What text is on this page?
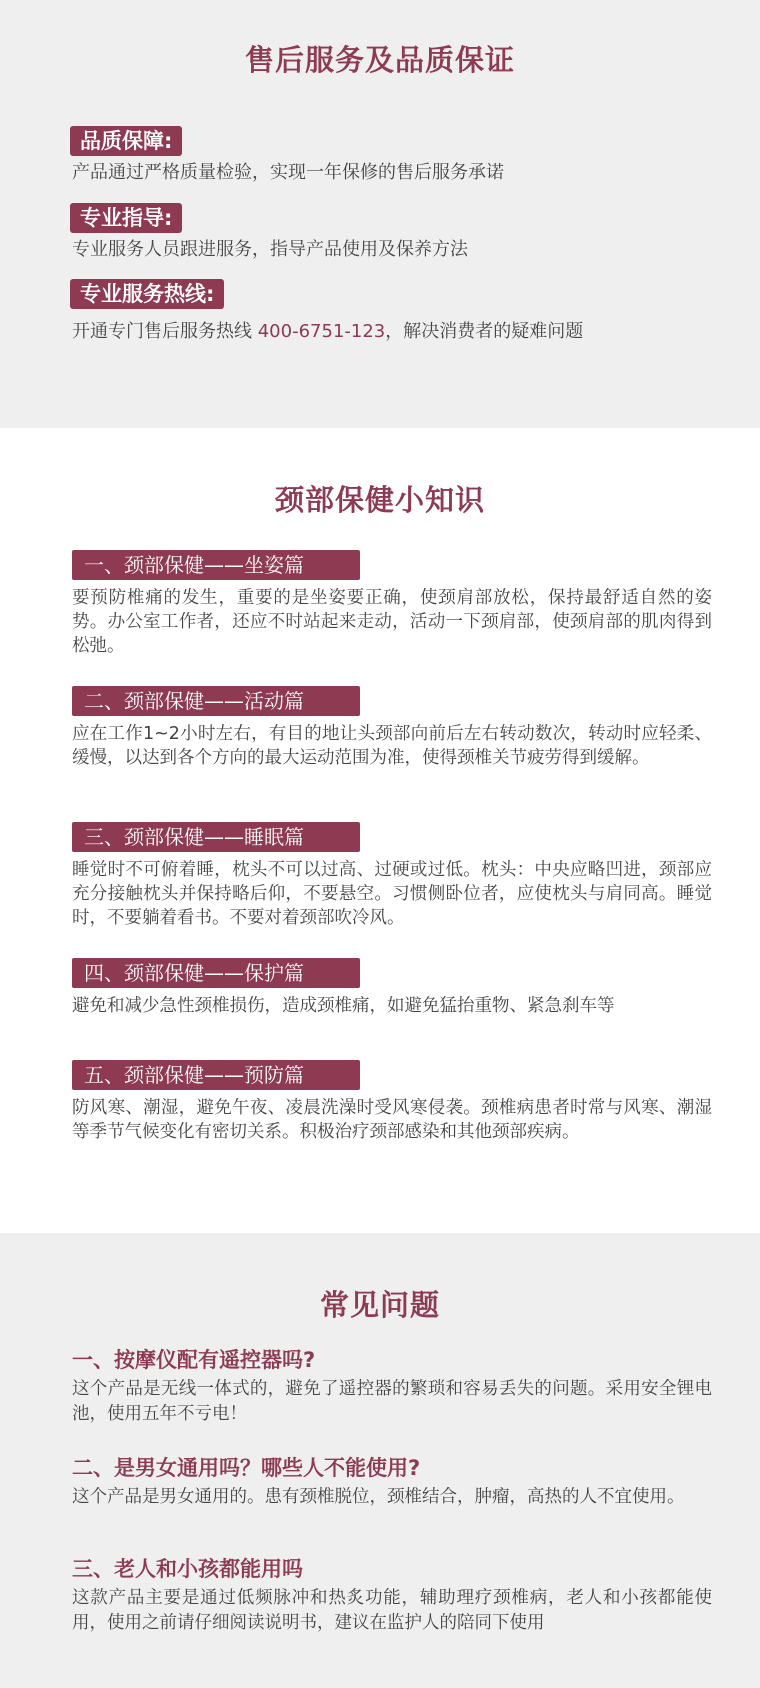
售后服务及品质保证
品质保障:
产品通过严格质量检验，实现一年保修的售后服务承诺
专业指导:
专业服务人员跟进服务，指导产品使用及保养方法
专业服务热线:
开通专门售后服务热线 400-6751-123，解决消费者的疑难问题
颈部保健小知识
一、颈部保健——坐姿篇
要预防椎痛的发生，重要的是坐姿要正确，使颈肩部放松，保持最舒适自然的姿势。办公室工作者，还应不时站起来走动，活动一下颈肩部，使颈肩部的肌肉得到松弛。
二、颈部保健——活动篇
应在工作1~2小时左右，有目的地让头颈部向前后左右转动数次，转动时应轻柔、缓慢，以达到各个方向的最大运动范围为准，使得颈椎关节疲劳得到缓解。
三、颈部保健——睡眠篇
睡觉时不可俯着睡，枕头不可以过高、过硬或过低。枕头：中央应略凹进，颈部应充分接触枕头并保持略后仰，不要悬空。习惯侧卧位者，应使枕头与肩同高。睡觉时，不要躺着看书。不要对着颈部吹冷风。
四、颈部保健——保护篇
避免和减少急性颈椎损伤，造成颈椎痛，如避免猛抬重物、紧急刹车等
五、颈部保健——预防篇
防风寒、潮湿，避免午夜、凌晨洗澡时受风寒侵袭。颈椎病患者时常与风寒、潮湿等季节气候变化有密切关系。积极治疗颈部感染和其他颈部疾病。
常见问题
一、按摩仪配有遥控器吗?
这个产品是无线一体式的，避免了遥控器的繁琐和容易丢失的问题。采用安全锂电池，使用五年不亏电！
二、是男女通用吗？哪些人不能使用?
这个产品是男女通用的。患有颈椎脱位，颈椎结合，肿瘤，高热的人不宜使用。
三、老人和小孩都能用吗
这款产品主要是通过低频脉冲和热炙功能，辅助理疗颈椎病，老人和小孩都能使用，使用之前请仔细阅读说明书，建议在监护人的陪同下使用
